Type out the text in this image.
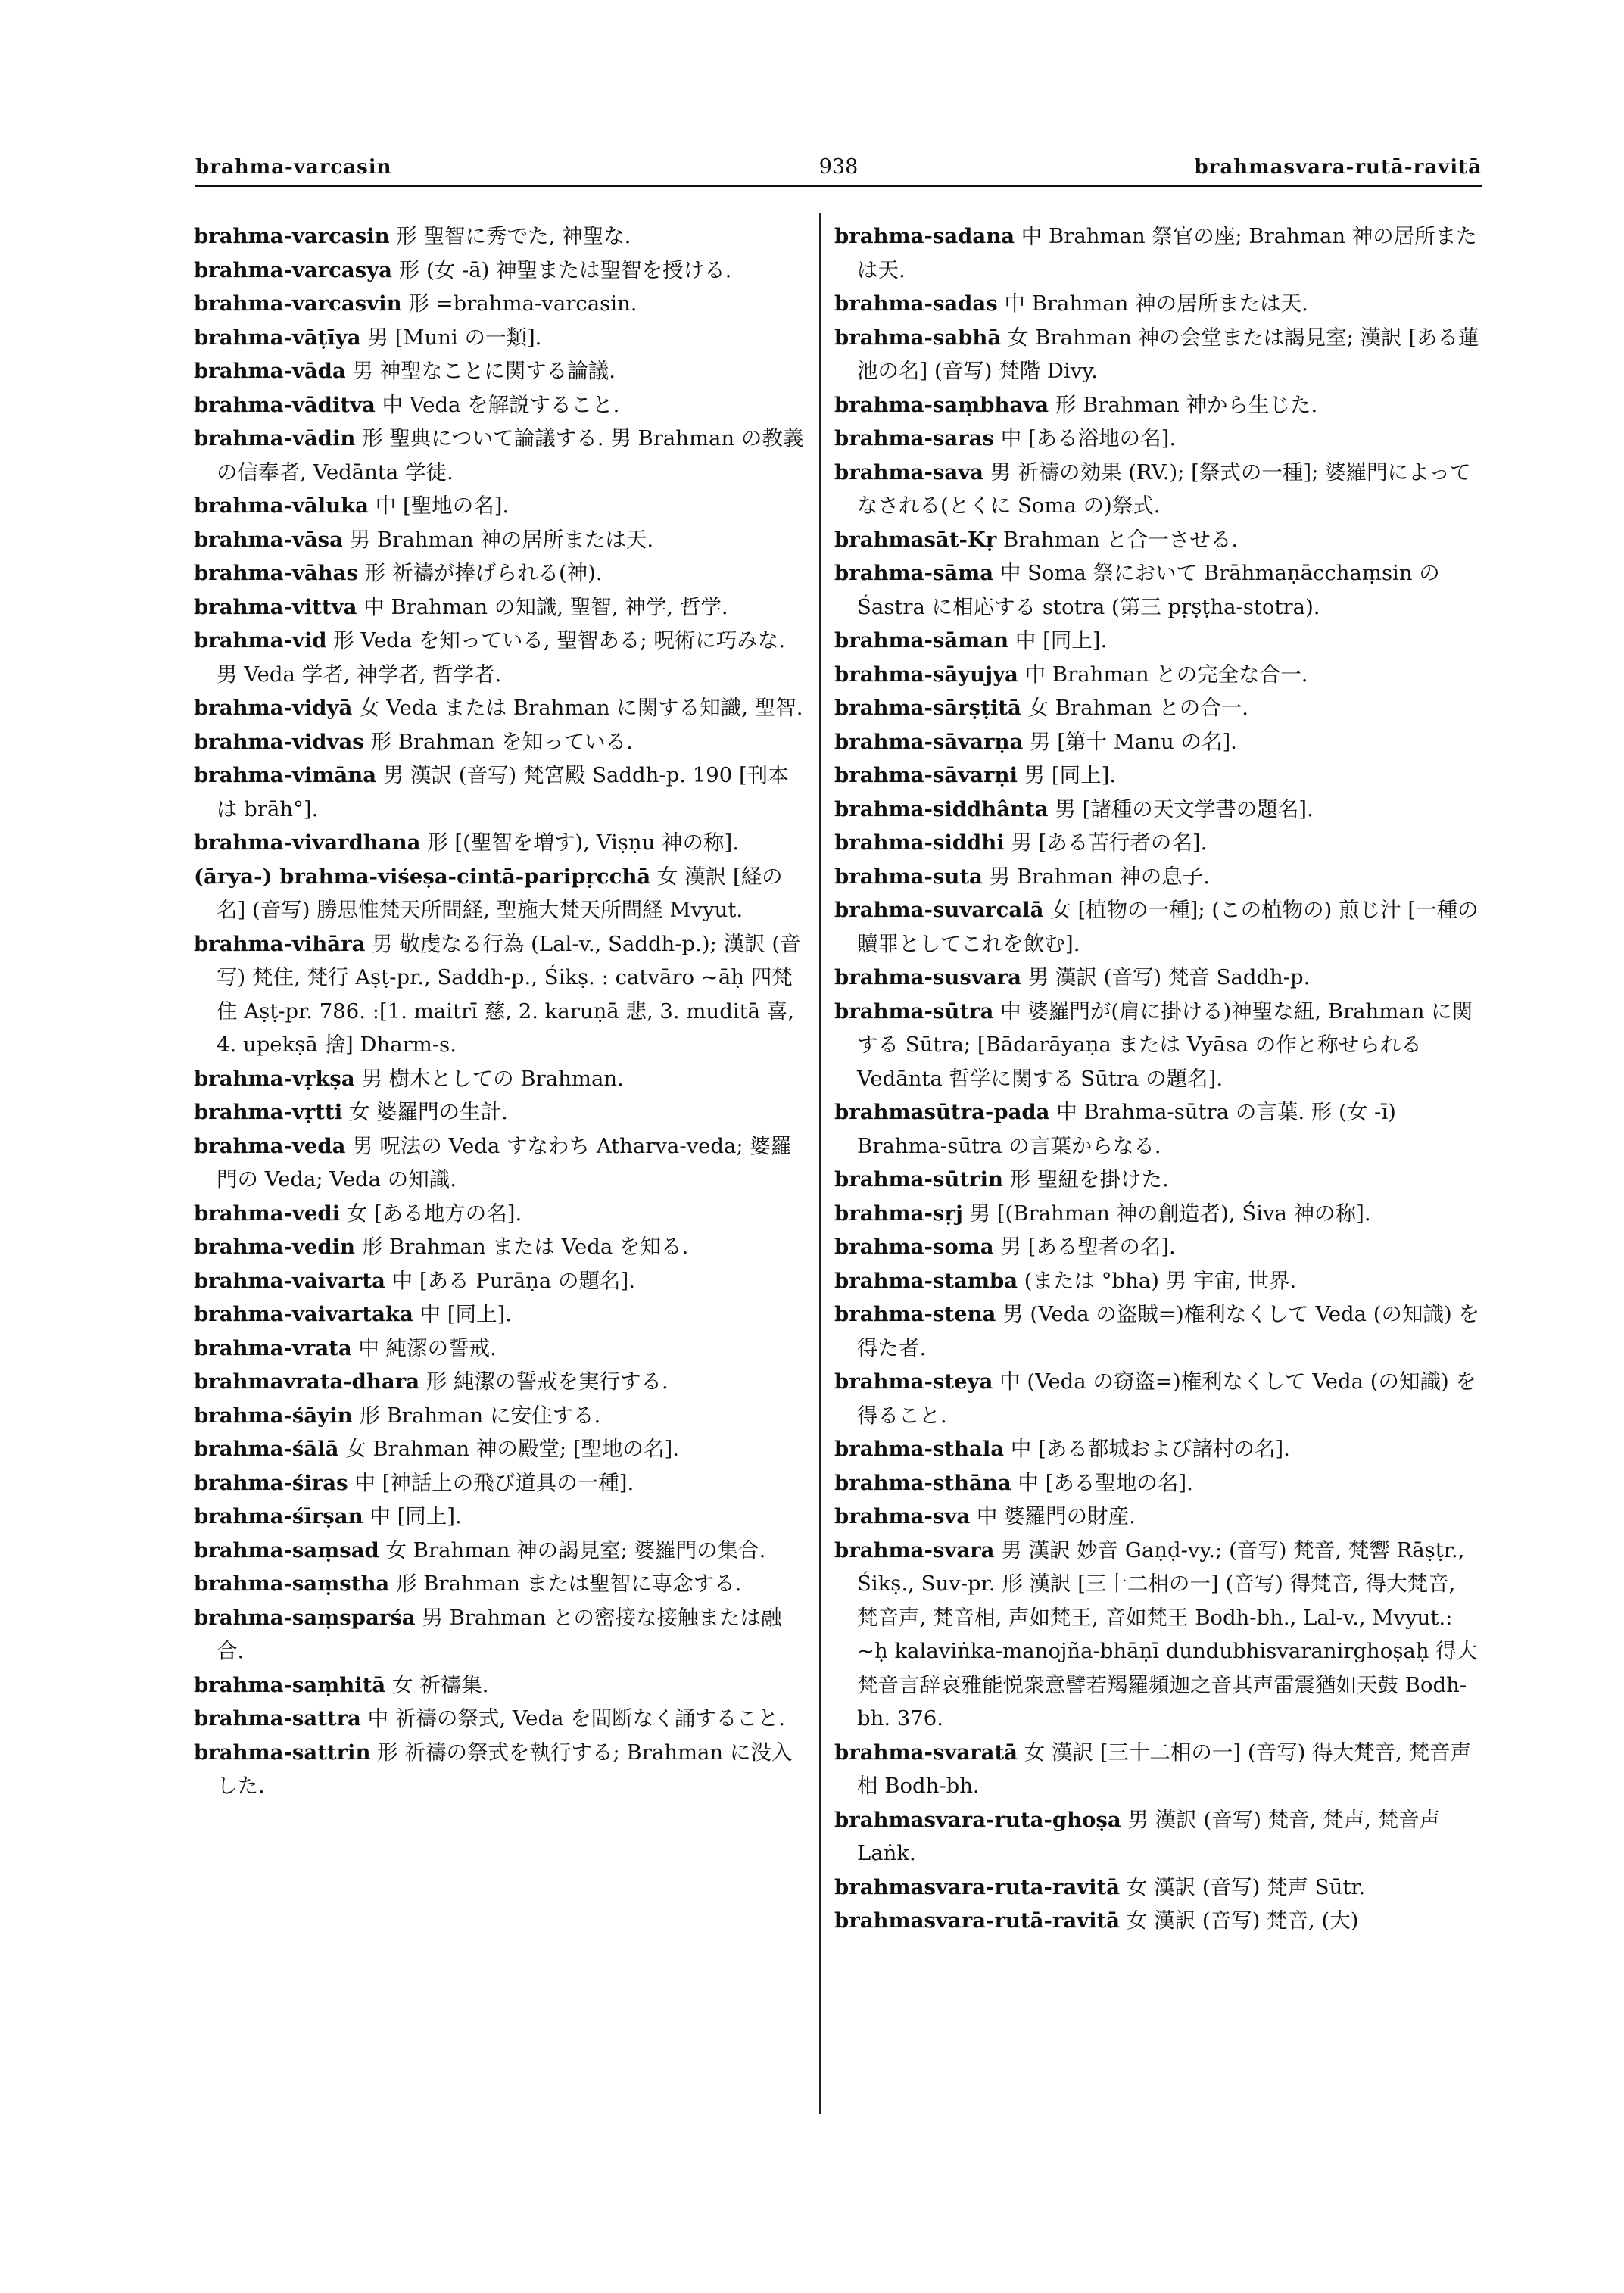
brahma-varcasin	938	brahmasvara-rutā-ravitā
brahma-varcasin 形 聖智に秀でた, 神聖な.
brahma-varcasya 形 (女 -ā) 神聖または聖智を授ける.
brahma-varcasvin 形 =brahma-varcasin.
brahma-vāṭīya 男 [Muni の一類].
brahma-vāda 男 神聖なことに関する論議.
brahma-vāditva 中 Veda を解説すること.
brahma-vādin 形 聖典について論議する. 男 Brahman の教義の信奉者, Vedānta 学徒.
brahma-vāluka 中 [聖地の名].
brahma-vāsa 男 Brahman 神の居所または天.
brahma-vāhas 形 祈禱が捧げられる(神).
brahma-vittva 中 Brahman の知識, 聖智, 神学, 哲学.
brahma-vid 形 Veda を知っている, 聖智ある; 呪術に巧みな. 男 Veda 学者, 神学者, 哲学者.
brahma-vidyā 女 Veda または Brahman に関する知識, 聖智.
brahma-vidvas 形 Brahman を知っている.
brahma-vimāna 男 漢訳 (音写) 梵宮殿 Saddh-p. 190 [刊本は brāh°].
brahma-vivardhana 形 [(聖智を増す), Viṣṇu 神の称].
(ārya-) brahma-viśeṣa-cintā-paripṛcchā 女 漢訳 [経の名] (音写) 勝思惟梵天所問経, 聖施大梵天所問経 Mvyut.
brahma-vihāra 男 敬虔なる行為 (Lal-v., Saddh-p.); 漢訳 (音写) 梵住, 梵行 Aṣṭ-pr., Saddh-p., Śikṣ. : catvāro ~āḥ 四梵住 Aṣṭ-pr. 786. :[1. maitrī 慈, 2. karuṇā 悲, 3. muditā 喜, 4. upekṣā 捨] Dharm-s.
brahma-vṛkṣa 男 樹木としての Brahman.
brahma-vṛtti 女 婆羅門の生計.
brahma-veda 男 呪法の Veda すなわち Atharva-veda; 婆羅門の Veda; Veda の知識.
brahma-vedi 女 [ある地方の名].
brahma-vedin 形 Brahman または Veda を知る.
brahma-vaivarta 中 [ある Purāṇa の題名].
brahma-vaivartaka 中 [同上].
brahma-vrata 中 純潔の誓戒.
brahmavrata-dhara 形 純潔の誓戒を実行する.
brahma-śāyin 形 Brahman に安住する.
brahma-śālā 女 Brahman 神の殿堂; [聖地の名].
brahma-śiras 中 [神話上の飛び道具の一種].
brahma-śīrṣan 中 [同上].
brahma-saṃsad 女 Brahman 神の謁見室; 婆羅門の集合.
brahma-saṃstha 形 Brahman または聖智に専念する.
brahma-saṃsparśa 男 Brahman との密接な接触または融合.
brahma-saṃhitā 女 祈禱集.
brahma-sattra 中 祈禱の祭式, Veda を間断なく誦すること.
brahma-sattrin 形 祈禱の祭式を執行する; Brahman に没入した.
brahma-sadana 中 Brahman 祭官の座; Brahman 神の居所または天.
brahma-sadas 中 Brahman 神の居所または天.
brahma-sabhā 女 Brahman 神の会堂または謁見室; 漢訳 [ある蓮池の名] (音写) 梵階 Divy.
brahma-saṃbhava 形 Brahman 神から生じた.
brahma-saras 中 [ある浴地の名].
brahma-sava 男 祈禱の効果 (RV.); [祭式の一種]; 婆羅門によってなされる(とくに Soma の)祭式.
brahmasāt-Kṛ Brahman と合一させる.
brahma-sāma 中 Soma 祭において Brāhmaṇācchaṃsin の Śastra に相応する stotra (第三 pṛṣṭha-stotra).
brahma-sāman 中 [同上].
brahma-sāyujya 中 Brahman との完全な合一.
brahma-sārṣṭitā 女 Brahman との合一.
brahma-sāvarṇa 男 [第十 Manu の名].
brahma-sāvarṇi 男 [同上].
brahma-siddhânta 男 [諸種の天文学書の題名].
brahma-siddhi 男 [ある苦行者の名].
brahma-suta 男 Brahman 神の息子.
brahma-suvarcalā 女 [植物の一種]; (この植物の) 煎じ汁 [一種の贖罪としてこれを飲む].
brahma-susvara 男 漢訳 (音写) 梵音 Saddh-p.
brahma-sūtra 中 婆羅門が(肩に掛ける)神聖な紐, Brahman に関する Sūtra; [Bādarāyaṇa または Vyāsa の作と称せられる Vedānta 哲学に関する Sūtra の題名].
brahmasūtra-pada 中 Brahma-sūtra の言葉. 形 (女 -ī) Brahma-sūtra の言葉からなる.
brahma-sūtrin 形 聖紐を掛けた.
brahma-sṛj 男 [(Brahman 神の創造者), Śiva 神の称].
brahma-soma 男 [ある聖者の名].
brahma-stamba (または °bha) 男 宇宙, 世界.
brahma-stena 男 (Veda の盗賊=)権利なくして Veda (の知識) を得た者.
brahma-steya 中 (Veda の窃盗=)権利なくして Veda (の知識) を得ること.
brahma-sthala 中 [ある都城および諸村の名].
brahma-sthāna 中 [ある聖地の名].
brahma-sva 中 婆羅門の財産.
brahma-svara 男 漢訳 妙音 Gaṇḍ-vy.; (音写) 梵音, 梵響 Rāṣṭr., Śikṣ., Suv-pr. 形 漢訳 [三十二相の一] (音写) 得梵音, 得大梵音, 梵音声, 梵音相, 声如梵王, 音如梵王 Bodh-bh., Lal-v., Mvyut.: ~ḥ kalaviṅka-manojña-bhāṇī dundubhisvaranirghoṣaḥ 得大梵音言辞哀雅能悦衆意譬若羯羅頻迦之音其声雷震猶如天鼓 Bodh-bh. 376.
brahma-svaratā 女 漢訳 [三十二相の一] (音写) 得大梵音, 梵音声相 Bodh-bh.
brahmasvara-ruta-ghoṣa 男 漢訳 (音写) 梵音, 梵声, 梵音声 Laṅk.
brahmasvara-ruta-ravitā 女 漢訳 (音写) 梵声 Sūtr.
brahmasvara-rutā-ravitā 女 漢訳 (音写) 梵音, (大)
